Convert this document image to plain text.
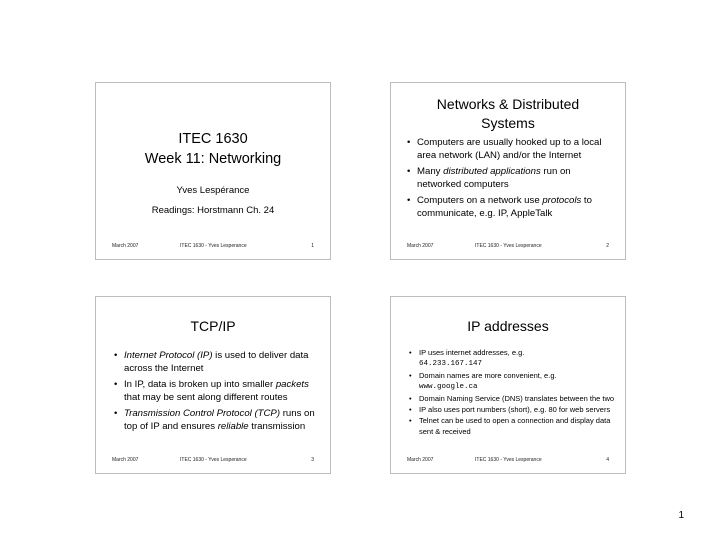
ITEC 1630
Week 11: Networking
Yves Lespérance
Readings: Horstmann Ch. 24
March 2007	ITEC 1630 - Yves Lesperance	1
Networks & Distributed
Systems
• Computers are usually hooked up to a local area network (LAN) and/or the Internet
• Many distributed applications run on networked computers
• Computers on a network use protocols to communicate, e.g. IP, AppleTalk
March 2007	ITEC 1630 - Yves Lesperance	2
TCP/IP
• Internet Protocol (IP) is used to deliver data across the Internet
• In IP, data is broken up into smaller packets that may be sent along different routes
• Transmission Control Protocol (TCP) runs on top of IP and ensures reliable transmission
March 2007	ITEC 1630 - Yves Lesperance	3
IP addresses
• IP uses internet addresses, e.g.
64.233.167.147
• Domain names are more convenient, e.g.
www.google.ca
• Domain Naming Service (DNS) translates between the two
• IP also uses port numbers (short), e.g. 80 for web servers
• Telnet can be used to open a connection and display data sent & received
March 2007	ITEC 1630 - Yves Lesperance	4
1
